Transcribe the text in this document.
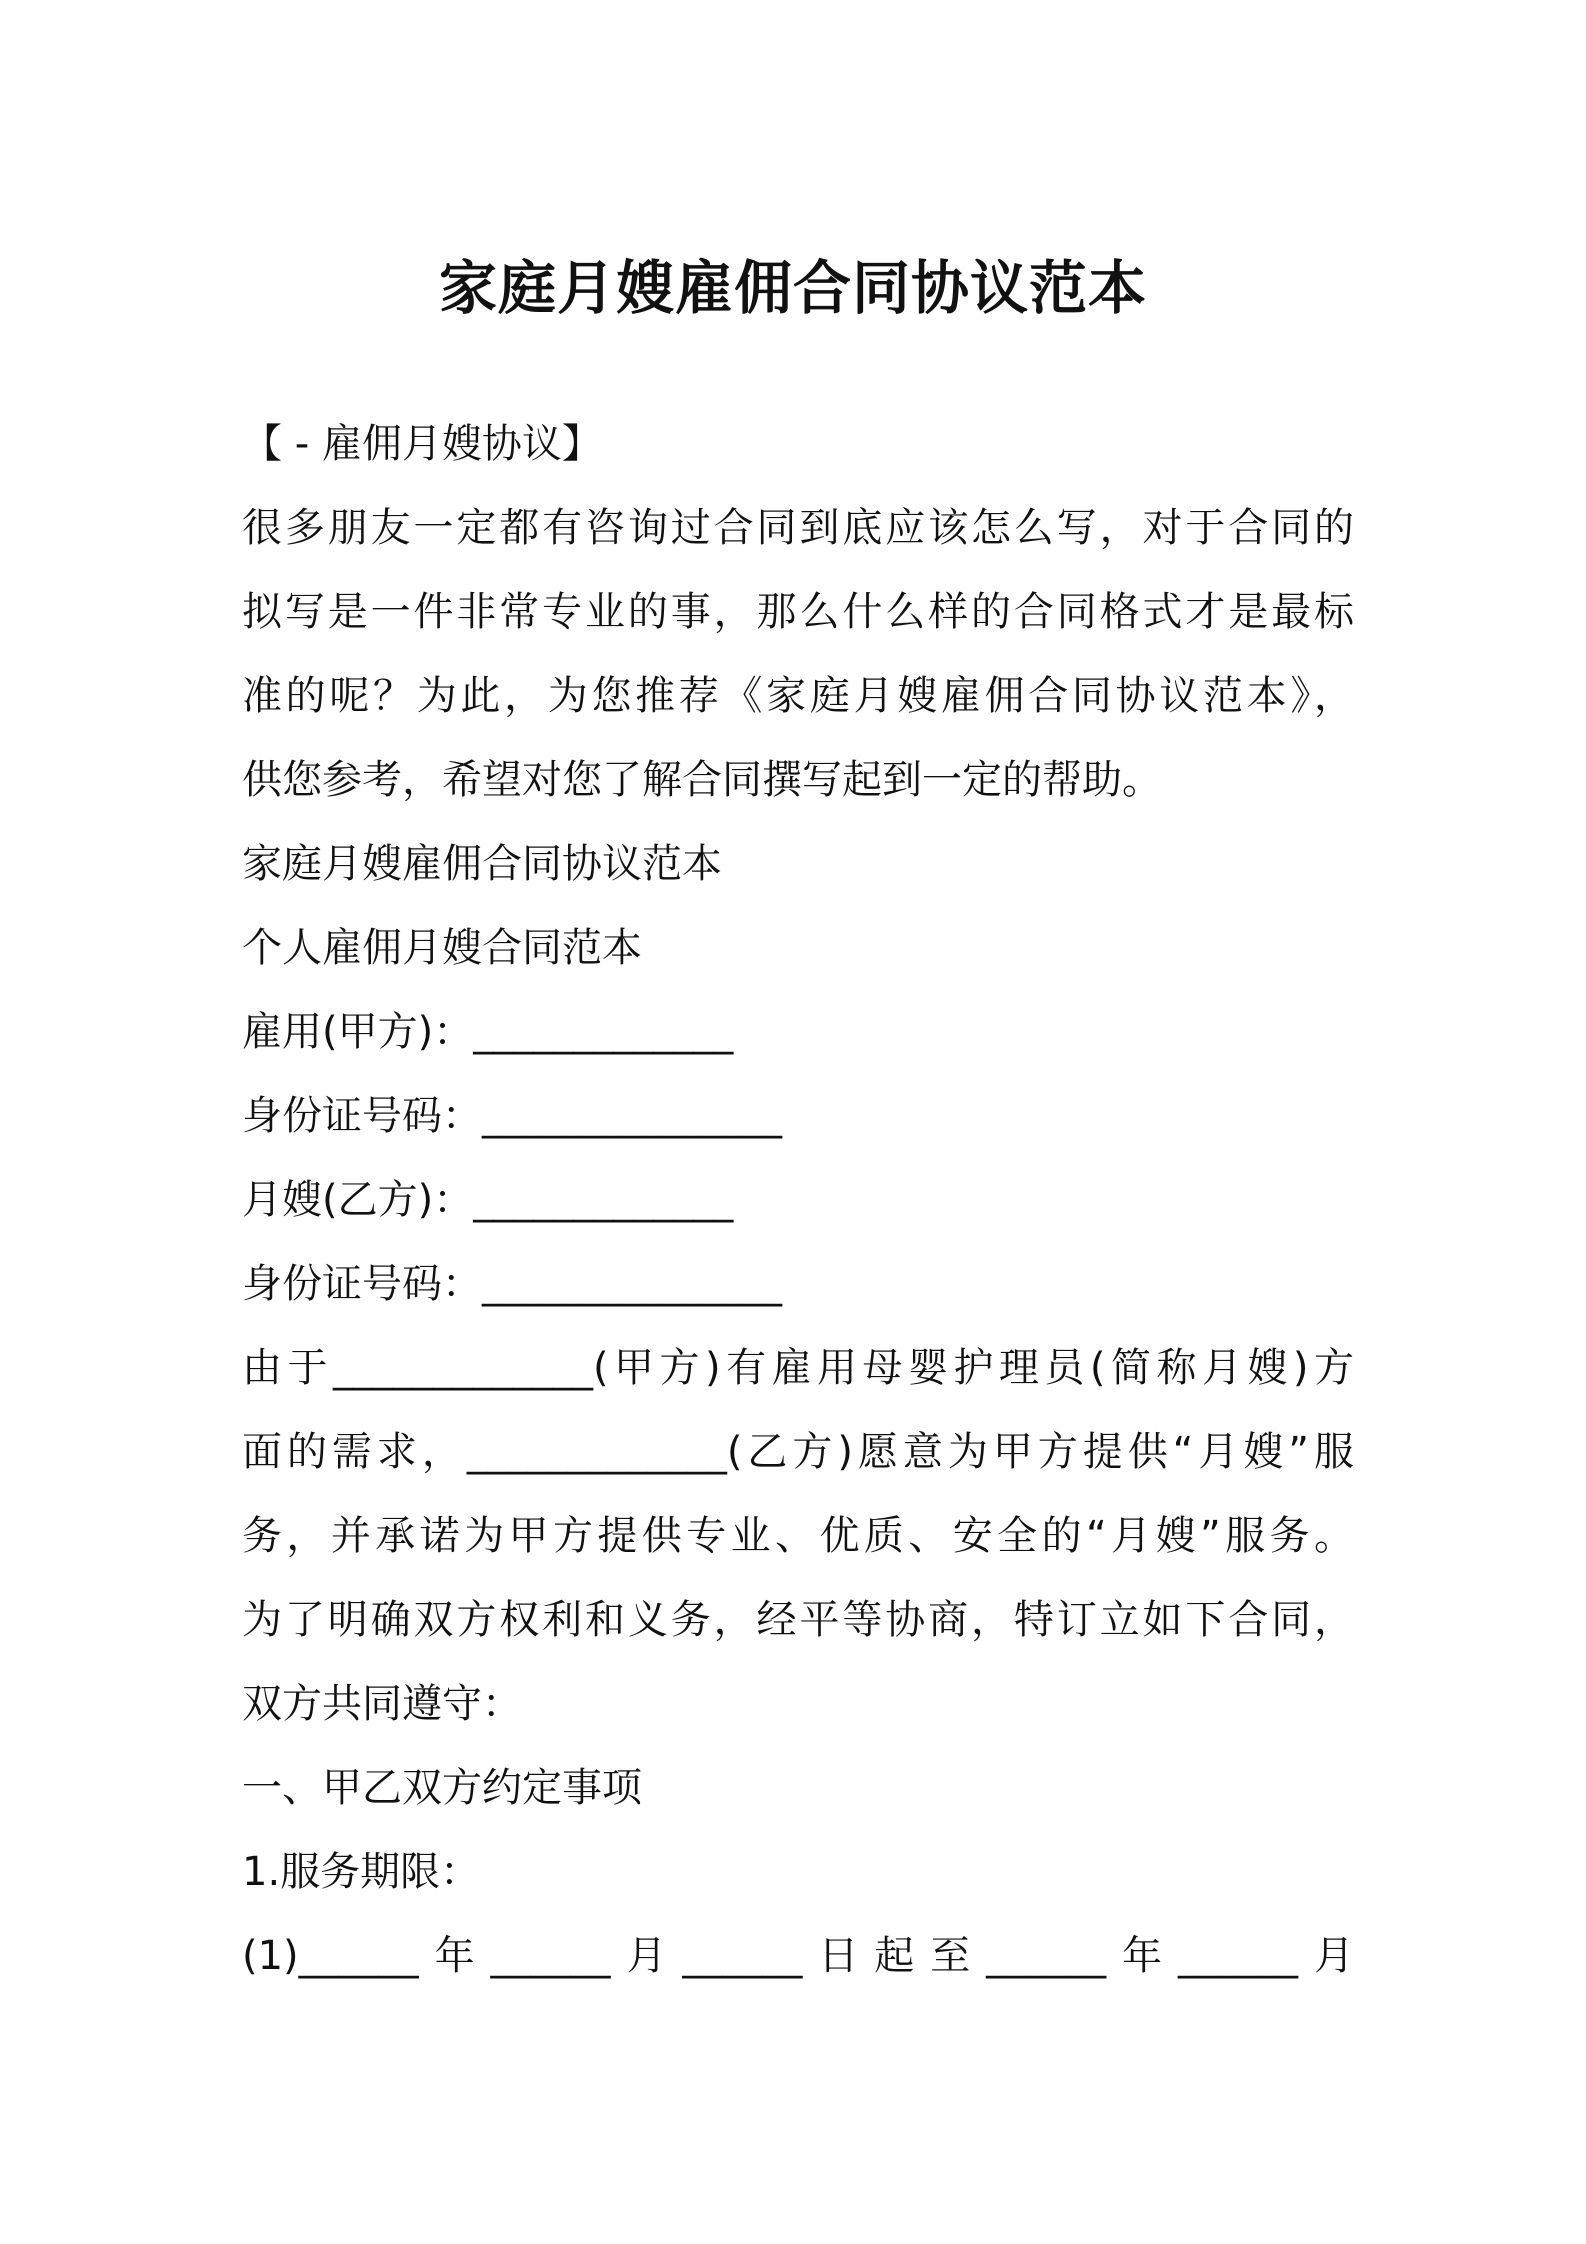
家庭月嫂雇佣合同协议范本
【 - 雇佣月嫂协议】
很多朋友一定都有咨询过合同到底应该怎么写，对于合同的
拟写是一件非常专业的事，那么什么样的合同格式才是最标
准的呢？为此，为您推荐《家庭月嫂雇佣合同协议范本》，
供您参考，希望对您了解合同撰写起到一定的帮助。
家庭月嫂雇佣合同协议范本
个人雇佣月嫂合同范本
雇用(甲方)：_____________
身份证号码：_______________
月嫂(乙方)：_____________
身份证号码：_______________
由于_____________(甲方)有雇用母婴护理员(简称月嫂)方
面的需求，_____________(乙方)愿意为甲方提供“月嫂”服
务，并承诺为甲方提供专业、优质、安全的“月嫂”服务。
为了明确双方权利和义务，经平等协商，特订立如下合同，
双方共同遵守：
一、甲乙双方约定事项
1.服务期限：
(1)______年______月______日起至______年______月
